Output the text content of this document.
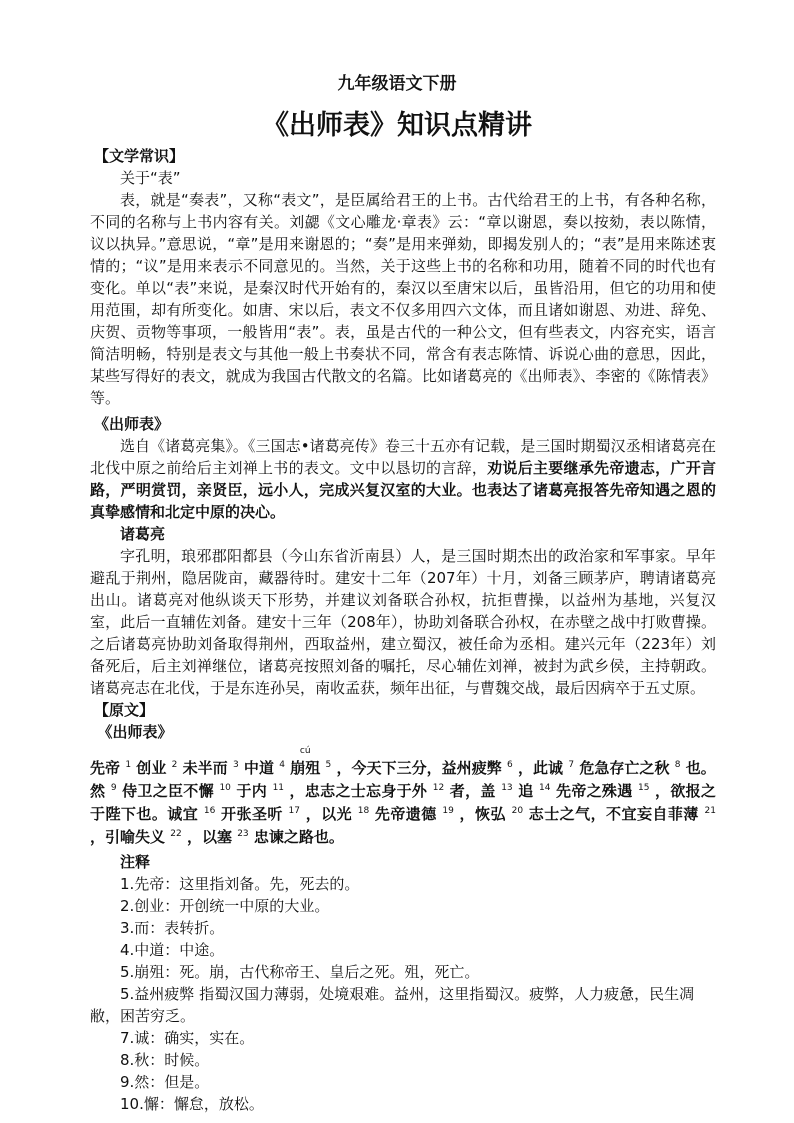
九年级语文下册
《出师表》知识点精讲
【文学常识】
关于“表”

表，就是“奏表”，又称“表文”，是臣属给君王的上书。古代给君王的上书，有各种名称，不同的名称与上书内容有关。刘勰《文心雕龙·章表》云：“章以谢恩，奏以按劾，表以陈情，议以执异。”意思说，“章”是用来谢恩的；“奏”是用来弹劾，即揭发别人的；“表”是用来陈述衷情的；“议”是用来表示不同意见的。当然，关于这些上书的名称和功用，随着不同的时代也有变化。单以“表”来说，是秦汉时代开始有的，秦汉以至唐宋以后，虽皆沿用，但它的功用和使用范围，却有所变化。如唐、宋以后，表文不仅多用四六文体，而且诸如谢恩、劝进、辞免、庆贺、贡物等事项，一般皆用“表”。表，虽是古代的一种公文，但有些表文，内容充实，语言简洁明畅，特别是表文与其他一般上书奏状不同，常含有表志陈情、诉说心曲的意思，因此，某些写得好的表文，就成为我国古代散文的名篇。比如诸葛亮的《出师表》、李密的《陈情表》等。

《出师表》

选自《诸葛亮集》。《三国志•诸葛亮传》卷三十五亦有记载，是三国时期蜀汉丞相诸葛亮在北伐中原之前给后主刘禅上书的表文。文中以恳切的言辞，劝说后主要继承先帝遗志，广开言路，严明赏罚，亲贤臣，远小人，完成兴复汉室的大业。也表达了诸葛亮报答先帝知遇之恩的真挚感情和北定中原的决心。

诸葛亮

字孔明，琅邪郡阳都县（今山东省沂南县）人，是三国时期杰出的政治家和军事家。早年避乱于荆州，隐居陇亩，藏器待时。建安十二年（207年）十月，刘备三顾茅庐，聘请诸葛亮出山。诸葛亮对他纵谈天下形势，并建议刘备联合孙权，抗拒曹操，以益州为基地，兴复汉室，此后一直辅佐刘备。建安十三年（208年），协助刘备联合孙权，在赤壁之战中打败曹操。之后诸葛亮协助刘备取得荆州，西取益州，建立蜀汉，被任命为丞相。建兴元年（223年）刘备死后，后主刘禅继位，诸葛亮按照刘备的嘱托，尽心辅佐刘禅，被封为武乡侯，主持朝政。诸葛亮志在北伐，于是东连孙吴，南收孟获，频年出征，与曹魏交战，最后因病卒于五丈原。

【原文】
《出师表》

先帝 $^1$ 创业 $^2$ 未半而 $^3$ 中道 $^4$
cú
崩殂 $^5$ ，今天下三分，益州疲弊 $^6$ ，此诚 $^7$ 危急存亡之秋 $^8$ 也。然 $^9$ 侍卫之臣不懈 $^{10}$ 于内 $^{11}$ ，忠志之士忘身于外 $^{12}$ 者，盖 $^{13}$ 追 $^{14}$ 先帝之殊遇 $^{15}$ ，欲报之于陛下也。诚宜 $^{16}$ 开张圣听 $^{17}$ ，以光 $^{18}$ 先帝遗德 $^{19}$ ，恢弘 $^{20}$ 志士之气，不宜妄自菲薄 $^{21}$ ，引喻失义 $^{22}$ ，以塞 $^{23}$ 忠谏之路也。

注释
1.先帝：这里指刘备。先，死去的。
2.创业：开创统一中原的大业。
3.而：表转折。
4.中道：中途。
5.崩殂：死。崩，古代称帝王、皇后之死。殂，死亡。
5.益州疲弊 指蜀汉国力薄弱，处境艰难。益州，这里指蜀汉。疲弊，人力疲惫，民生凋敝，困苦穷乏。
7.诚：确实，实在。
8.秋：时候。
9.然：但是。
10.懈：懈怠，放松。
